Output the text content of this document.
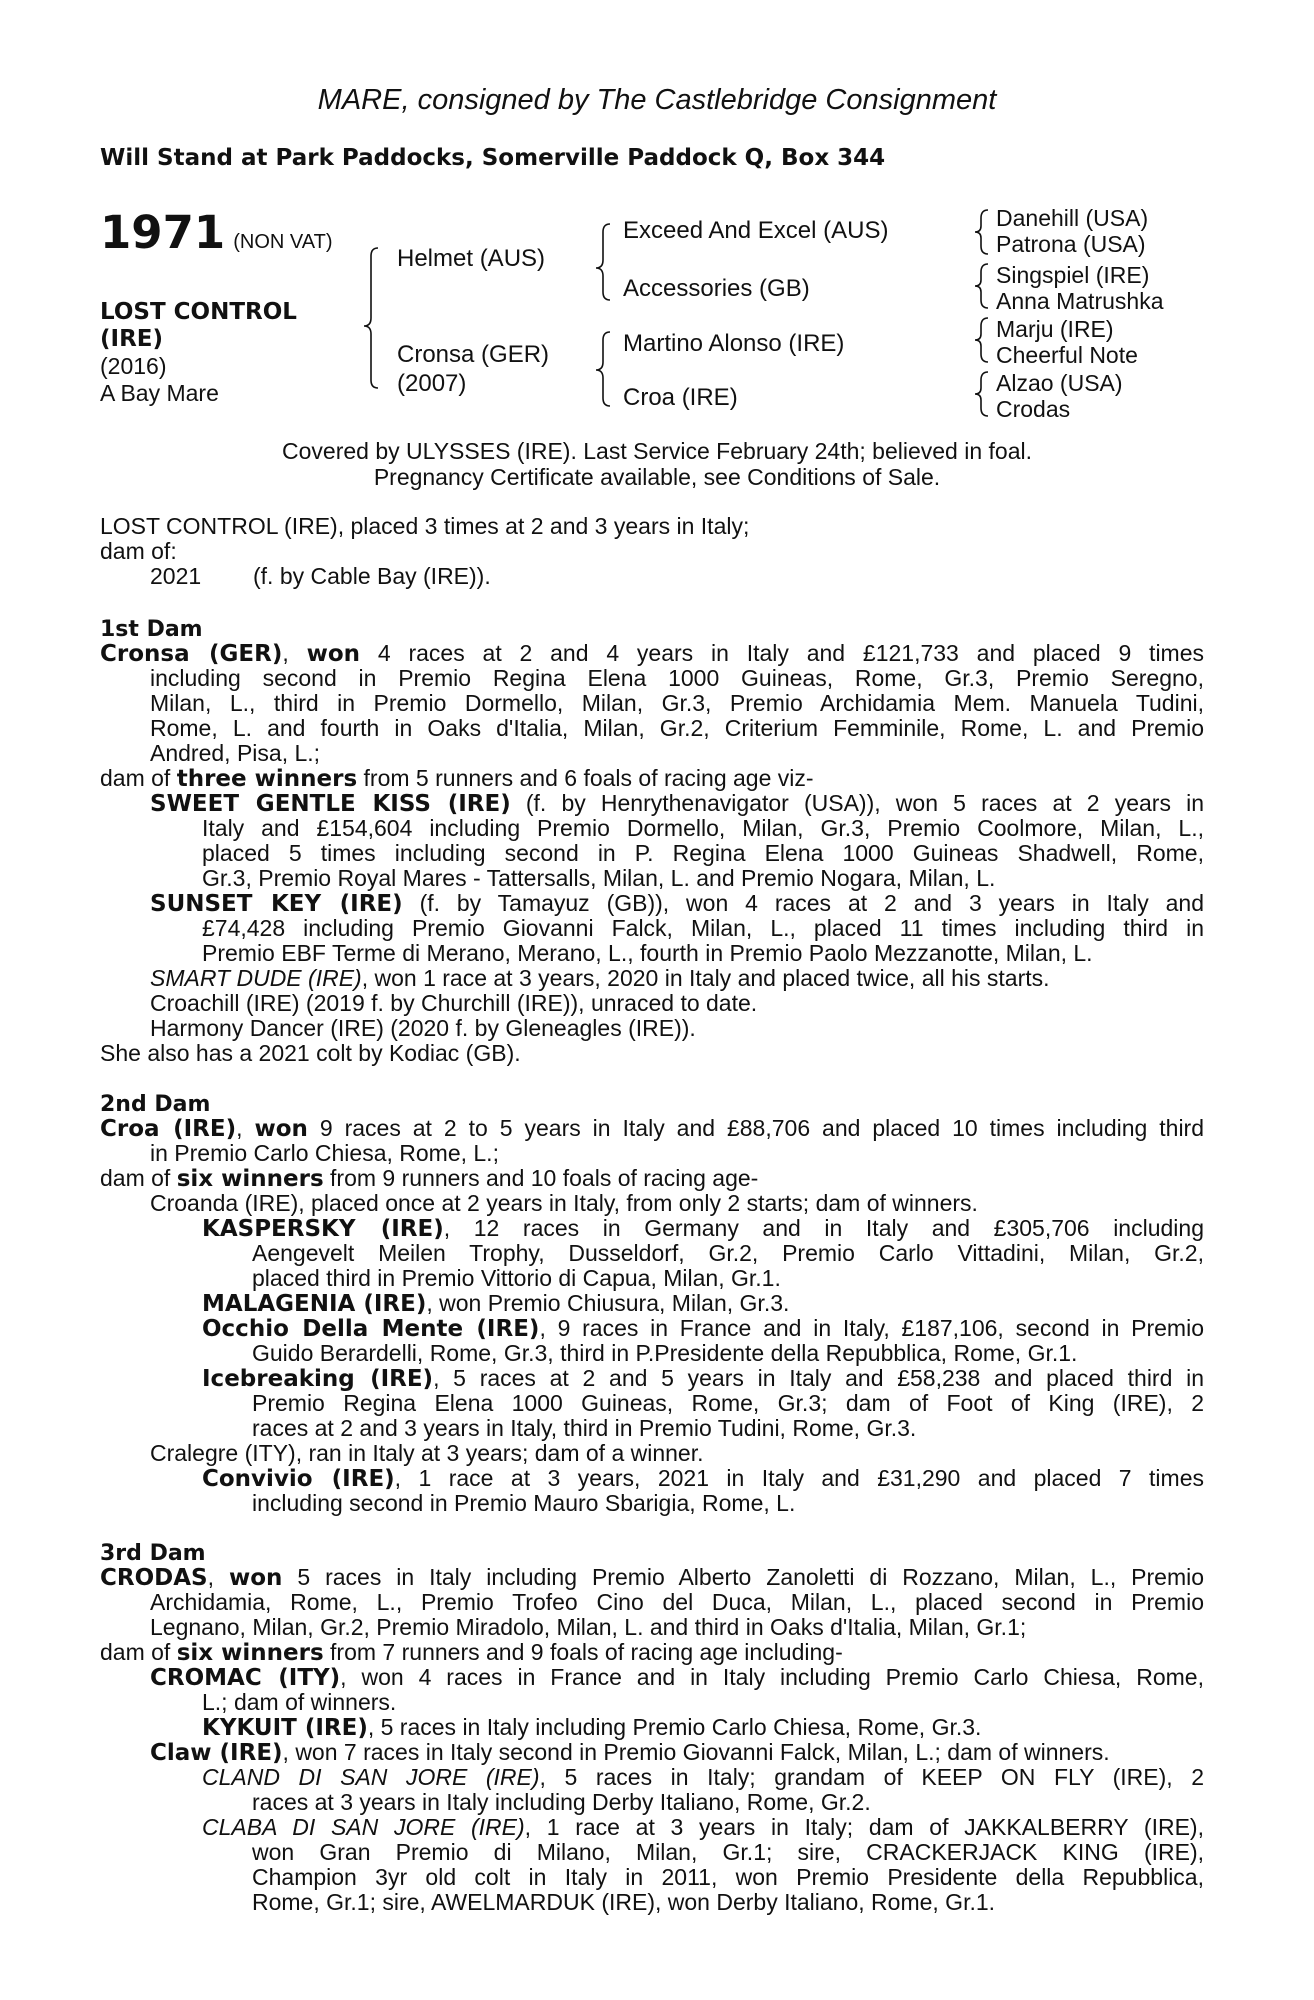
MARE, consigned by The Castlebridge Consignment
Will Stand at Park Paddocks, Somerville Paddock Q, Box 344
1971 (NON VAT)
LOST CONTROL
(IRE)
(2016)
A Bay Mare
Helmet (AUS)
Cronsa (GER)
(2007)
Exceed And Excel (AUS)
Accessories (GB)
Martino Alonso (IRE)
Croa (IRE)
Danehill (USA)
Patrona (USA)
Singspiel (IRE)
Anna Matrushka
Marju (IRE)
Cheerful Note
Alzao (USA)
Crodas
Covered by ULYSSES (IRE). Last Service February 24th; believed in foal.
Pregnancy Certificate available, see Conditions of Sale.
LOST CONTROL (IRE), placed 3 times at 2 and 3 years in Italy;
dam of:
2021 (f. by Cable Bay (IRE)).
1st Dam
Cronsa (GER), won 4 races at 2 and 4 years in Italy and £121,733 and placed 9 times
including second in Premio Regina Elena 1000 Guineas, Rome, Gr.3, Premio Seregno,
Milan, L., third in Premio Dormello, Milan, Gr.3, Premio Archidamia Mem. Manuela Tudini,
Rome, L. and fourth in Oaks d'Italia, Milan, Gr.2, Criterium Femminile, Rome, L. and Premio
Andred, Pisa, L.;
dam of three winners from 5 runners and 6 foals of racing age viz-
SWEET GENTLE KISS (IRE) (f. by Henrythenavigator (USA)), won 5 races at 2 years in
Italy and £154,604 including Premio Dormello, Milan, Gr.3, Premio Coolmore, Milan, L.,
placed 5 times including second in P. Regina Elena 1000 Guineas Shadwell, Rome,
Gr.3, Premio Royal Mares - Tattersalls, Milan, L. and Premio Nogara, Milan, L.
SUNSET KEY (IRE) (f. by Tamayuz (GB)), won 4 races at 2 and 3 years in Italy and
£74,428 including Premio Giovanni Falck, Milan, L., placed 11 times including third in
Premio EBF Terme di Merano, Merano, L., fourth in Premio Paolo Mezzanotte, Milan, L.
SMART DUDE (IRE), won 1 race at 3 years, 2020 in Italy and placed twice, all his starts.
Croachill (IRE) (2019 f. by Churchill (IRE)), unraced to date.
Harmony Dancer (IRE) (2020 f. by Gleneagles (IRE)).
She also has a 2021 colt by Kodiac (GB).
2nd Dam
Croa (IRE), won 9 races at 2 to 5 years in Italy and £88,706 and placed 10 times including third
in Premio Carlo Chiesa, Rome, L.;
dam of six winners from 9 runners and 10 foals of racing age-
Croanda (IRE), placed once at 2 years in Italy, from only 2 starts; dam of winners.
KASPERSKY (IRE), 12 races in Germany and in Italy and £305,706 including
Aengevelt Meilen Trophy, Dusseldorf, Gr.2, Premio Carlo Vittadini, Milan, Gr.2,
placed third in Premio Vittorio di Capua, Milan, Gr.1.
MALAGENIA (IRE), won Premio Chiusura, Milan, Gr.3.
Occhio Della Mente (IRE), 9 races in France and in Italy, £187,106, second in Premio
Guido Berardelli, Rome, Gr.3, third in P.Presidente della Repubblica, Rome, Gr.1.
Icebreaking (IRE), 5 races at 2 and 5 years in Italy and £58,238 and placed third in
Premio Regina Elena 1000 Guineas, Rome, Gr.3; dam of Foot of King (IRE), 2
races at 2 and 3 years in Italy, third in Premio Tudini, Rome, Gr.3.
Cralegre (ITY), ran in Italy at 3 years; dam of a winner.
Convivio (IRE), 1 race at 3 years, 2021 in Italy and £31,290 and placed 7 times
including second in Premio Mauro Sbarigia, Rome, L.
3rd Dam
CRODAS, won 5 races in Italy including Premio Alberto Zanoletti di Rozzano, Milan, L., Premio
Archidamia, Rome, L., Premio Trofeo Cino del Duca, Milan, L., placed second in Premio
Legnano, Milan, Gr.2, Premio Miradolo, Milan, L. and third in Oaks d'Italia, Milan, Gr.1;
dam of six winners from 7 runners and 9 foals of racing age including-
CROMAC (ITY), won 4 races in France and in Italy including Premio Carlo Chiesa, Rome,
L.; dam of winners.
KYKUIT (IRE), 5 races in Italy including Premio Carlo Chiesa, Rome, Gr.3.
Claw (IRE), won 7 races in Italy second in Premio Giovanni Falck, Milan, L.; dam of winners.
CLAND DI SAN JORE (IRE), 5 races in Italy; grandam of KEEP ON FLY (IRE), 2
races at 3 years in Italy including Derby Italiano, Rome, Gr.2.
CLABA DI SAN JORE (IRE), 1 race at 3 years in Italy; dam of JAKKALBERRY (IRE),
won Gran Premio di Milano, Milan, Gr.1; sire, CRACKERJACK KING (IRE),
Champion 3yr old colt in Italy in 2011, won Premio Presidente della Repubblica,
Rome, Gr.1; sire, AWELMARDUK (IRE), won Derby Italiano, Rome, Gr.1.
